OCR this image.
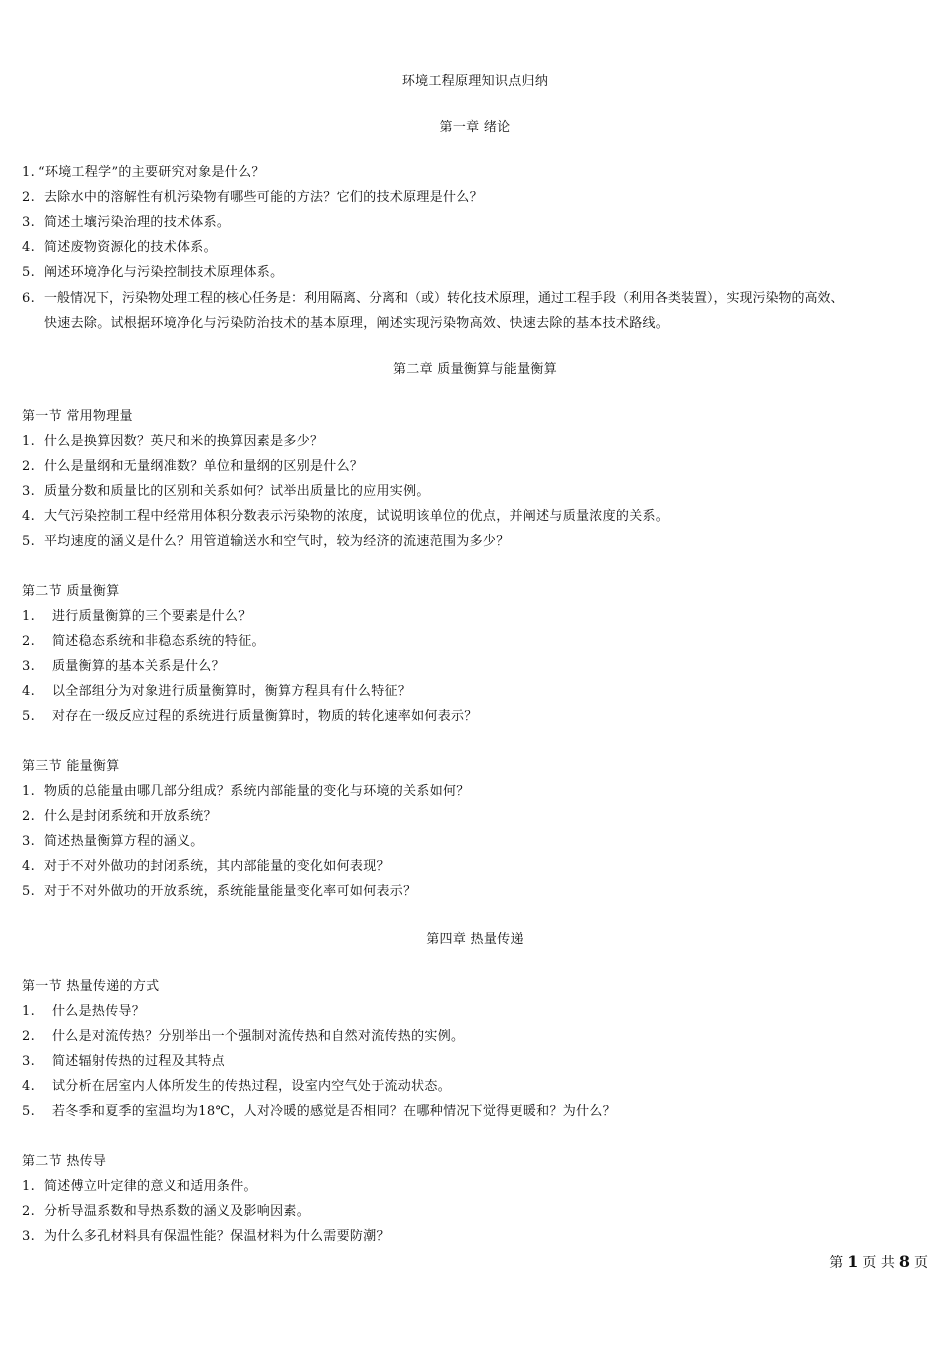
环境工程原理知识点归纳
第一章 绪论
1. “环境工程学”的主要研究对象是什么？
2. 去除水中的溶解性有机污染物有哪些可能的方法？它们的技术原理是什么？
3. 简述土壤污染治理的技术体系。
4. 简述废物资源化的技术体系。
5. 阐述环境净化与污染控制技术原理体系。
6. 一般情况下，污染物处理工程的核心任务是：利用隔离、分离和（或）转化技术原理，通过工程手段（利用各类装置），实现污染物的高效、
快速去除。试根据环境净化与污染防治技术的基本原理，阐述实现污染物高效、快速去除的基本技术路线。
第二章 质量衡算与能量衡算
第一节 常用物理量
1. 什么是换算因数？英尺和米的换算因素是多少？
2. 什么是量纲和无量纲准数？单位和量纲的区别是什么？
3. 质量分数和质量比的区别和关系如何？试举出质量比的应用实例。
4. 大气污染控制工程中经常用体积分数表示污染物的浓度，试说明该单位的优点，并阐述与质量浓度的关系。
5. 平均速度的涵义是什么？用管道输送水和空气时，较为经济的流速范围为多少？
第二节 质量衡算
1. 进行质量衡算的三个要素是什么？
2. 简述稳态系统和非稳态系统的特征。
3. 质量衡算的基本关系是什么？
4. 以全部组分为对象进行质量衡算时，衡算方程具有什么特征？
5. 对存在一级反应过程的系统进行质量衡算时，物质的转化速率如何表示？
第三节 能量衡算
1. 物质的总能量由哪几部分组成？系统内部能量的变化与环境的关系如何？
2. 什么是封闭系统和开放系统？
3. 简述热量衡算方程的涵义。
4. 对于不对外做功的封闭系统，其内部能量的变化如何表现？
5. 对于不对外做功的开放系统，系统能量能量变化率可如何表示？
第四章 热量传递
第一节 热量传递的方式
1. 什么是热传导？
2. 什么是对流传热？分别举出一个强制对流传热和自然对流传热的实例。
3. 简述辐射传热的过程及其特点
4. 试分析在居室内人体所发生的传热过程，设室内空气处于流动状态。
5. 若冬季和夏季的室温均为18℃，人对冷暖的感觉是否相同？在哪种情况下觉得更暖和？为什么？
第二节 热传导
1. 简述傅立叶定律的意义和适用条件。
2. 分析导温系数和导热系数的涵义及影响因素。
3. 为什么多孔材料具有保温性能？保温材料为什么需要防潮？
第 1 页 共 8 页
